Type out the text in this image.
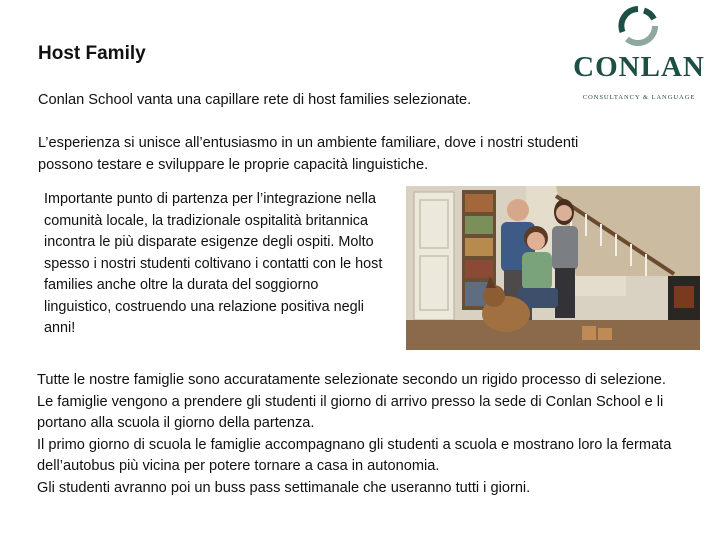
Host Family	CONLAN
CONSULTANCY & LANGUAGE

Conlan School vanta una capillare rete di host families selezionate.

L’esperienza si unisce all’entusiasmo in un ambiente familiare, dove i nostri studenti possono testare e sviluppare le proprie capacità linguistiche.

Importante punto di partenza per l’integrazione nella comunità locale, la tradizionale ospitalità britannica incontra le più disparate esigenze degli ospiti. Molto spesso i nostri studenti coltivano i contatti con le host families anche oltre la durata del soggiorno linguistico, costruendo una relazione positiva negli anni!

Tutte le nostre famiglie sono accuratamente selezionate secondo un rigido processo di selezione.
Le famiglie vengono a prendere gli studenti il giorno di arrivo presso la sede di Conlan School e li portano alla scuola il giorno della partenza.
Il primo giorno di scuola le famiglie accompagnano gli studenti a scuola e mostrano loro la fermata dell’autobus più vicina per potere tornare a casa in autonomia.
Gli studenti avranno poi un buss pass settimanale che useranno tutti i giorni.
